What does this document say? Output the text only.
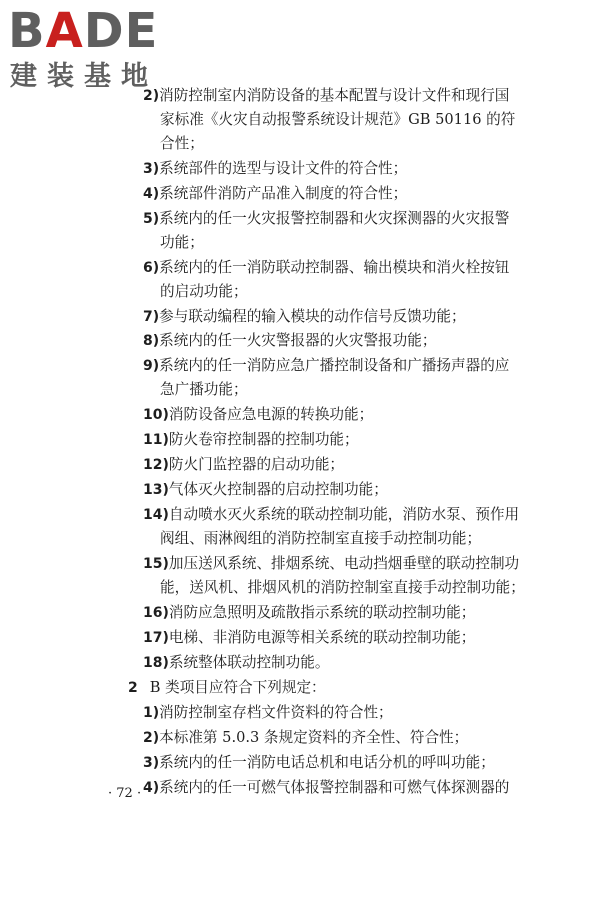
BADE
建装基地
2)消防控制室内消防设备的基本配置与设计文件和现行国
家标准《火灾自动报警系统设计规范》GB 50116 的符
合性；
3)系统部件的选型与设计文件的符合性；
4)系统部件消防产品准入制度的符合性；
5)系统内的任一火灾报警控制器和火灾探测器的火灾报警
功能；
6)系统内的任一消防联动控制器、输出模块和消火栓按钮
的启动功能；
7)参与联动编程的输入模块的动作信号反馈功能；
8)系统内的任一火灾警报器的火灾警报功能；
9)系统内的任一消防应急广播控制设备和广播扬声器的应
急广播功能；
10)消防设备应急电源的转换功能；
11)防火卷帘控制器的控制功能；
12)防火门监控器的启动功能；
13)气体灭火控制器的启动控制功能；
14)自动喷水灭火系统的联动控制功能，消防水泵、预作用
阀组、雨淋阀组的消防控制室直接手动控制功能；
15)加压送风系统、排烟系统、电动挡烟垂壁的联动控制功
能，送风机、排烟风机的消防控制室直接手动控制功能；
16)消防应急照明及疏散指示系统的联动控制功能；
17)电梯、非消防电源等相关系统的联动控制功能；
18)系统整体联动控制功能。
2 B 类项目应符合下列规定：
1)消防控制室存档文件资料的符合性；
2)本标准第 5.0.3 条规定资料的齐全性、符合性；
3)系统内的任一消防电话总机和电话分机的呼叫功能；
4)系统内的任一可燃气体报警控制器和可燃气体探测器的
· 72 ·
